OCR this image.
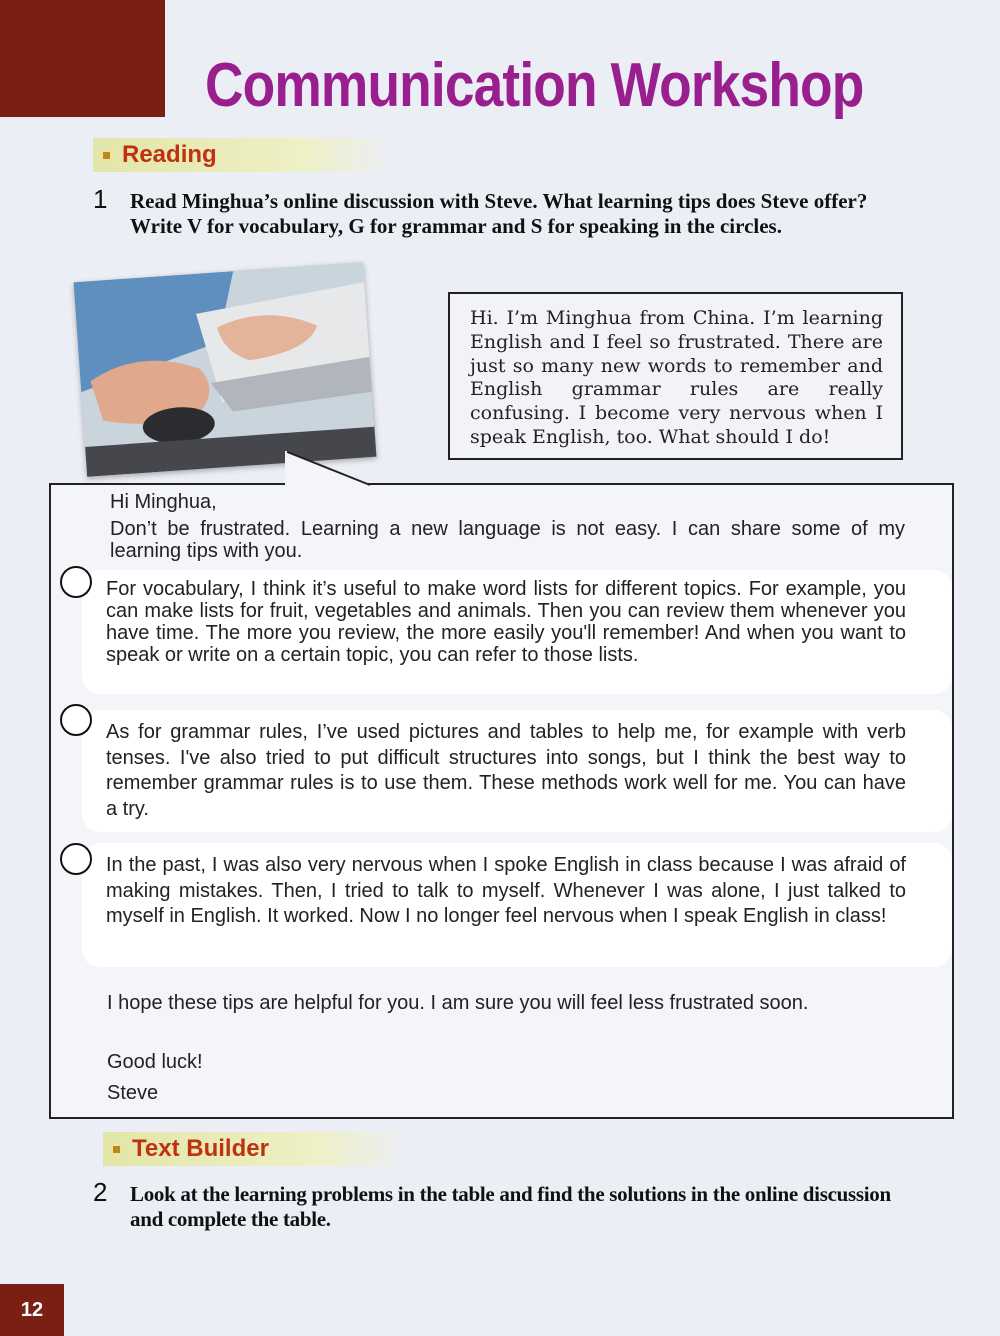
Communication Workshop
Reading
1 Read Minghua’s online discussion with Steve. What learning tips does Steve offer? Write V for vocabulary, G for grammar and S for speaking in the circles.
Hi. I’m Minghua from China. I’m learning English and I feel so frustrated. There are just so many new words to remember and English grammar rules are really confusing. I become very nervous when I speak English, too. What should I do!
Hi Minghua,
Don’t be frustrated. Learning a new language is not easy. I can share some of my learning tips with you.
For vocabulary, I think it’s useful to make word lists for different topics. For example, you can make lists for fruit, vegetables and animals. Then you can review them whenever you have time. The more you review, the more easily you'll remember! And when you want to speak or write on a certain topic, you can refer to those lists.
As for grammar rules, I’ve used pictures and tables to help me, for example with verb tenses. I've also tried to put difficult structures into songs, but I think the best way to remember grammar rules is to use them. These methods work well for me. You can have a try.
In the past, I was also very nervous when I spoke English in class because I was afraid of making mistakes. Then, I tried to talk to myself. Whenever I was alone, I just talked to myself in English. It worked. Now I no longer feel nervous when I speak English in class!
I hope these tips are helpful for you. I am sure you will feel less frustrated soon.
Good luck!
Steve
Text Builder
2 Look at the learning problems in the table and find the solutions in the online discussion and complete the table.
12
